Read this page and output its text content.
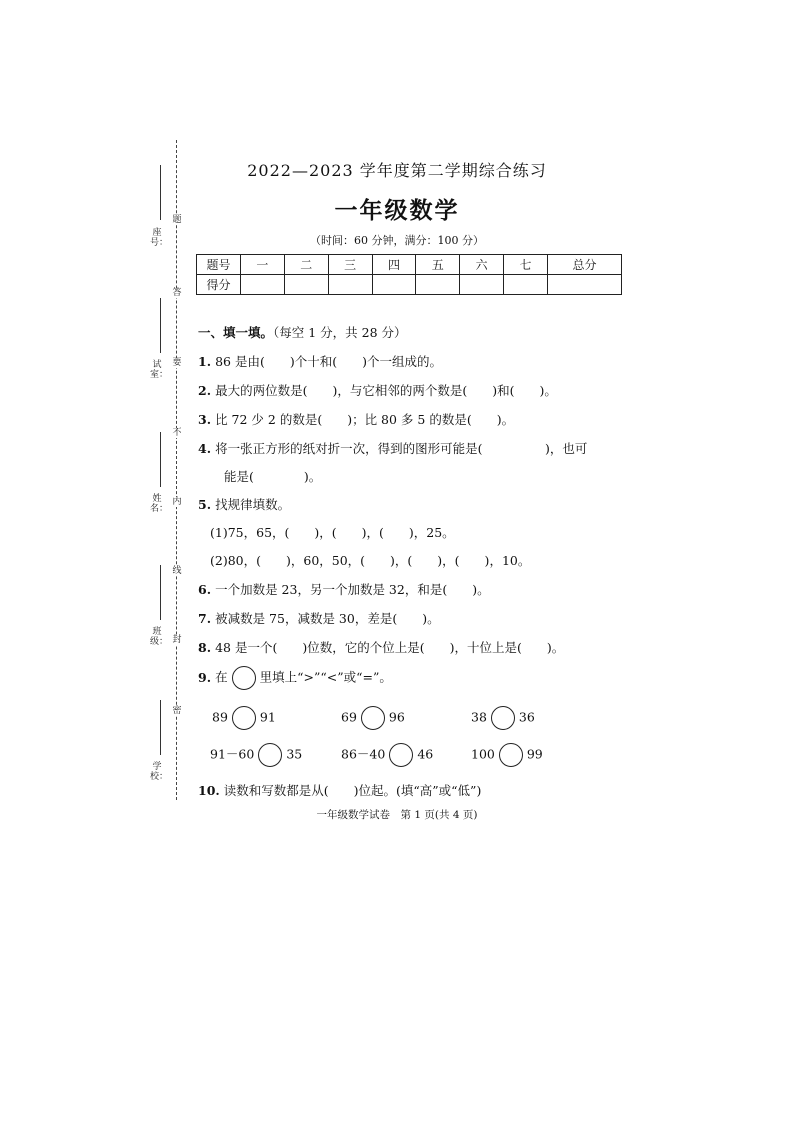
题
答
要
不
内
线
封
密
座号：
试室：
姓名：
班级：
学校：
2022—2023 学年度第二学期综合练习
一年级数学
（时间：60 分钟，满分：100 分）
题号	一	二	三	四	五	六	七	总分
得分								
一、填一填。（每空 1 分，共 28 分）
1. 86 是由(　　)个十和(　　)个一组成的。
2. 最大的两位数是(　　)，与它相邻的两个数是(　　)和(　　)。
3. 比 72 少 2 的数是(　　)；比 80 多 5 的数是(　　)。
4. 将一张正方形的纸对折一次，得到的图形可能是(　　　　　)，也可
能是(　　　　)。
5. 找规律填数。
(1)75，65，(　　)，(　　)，(　　)，25。
(2)80，(　　)，60，50，(　　)，(　　)，(　　)，10。
6. 一个加数是 23，另一个加数是 32，和是(　　)。
7. 被减数是 75，减数是 30，差是(　　)。
8. 48 是一个(　　)位数，它的个位上是(　　)，十位上是(　　)。
9. 在	里填上“>”“<”或“=”。
89	91	69	96	38	36
91－60	35	86－40	46	100	99
10. 读数和写数都是从(　　)位起。(填“高”或“低”)
一年级数学试卷　第 1 页(共 4 页)
